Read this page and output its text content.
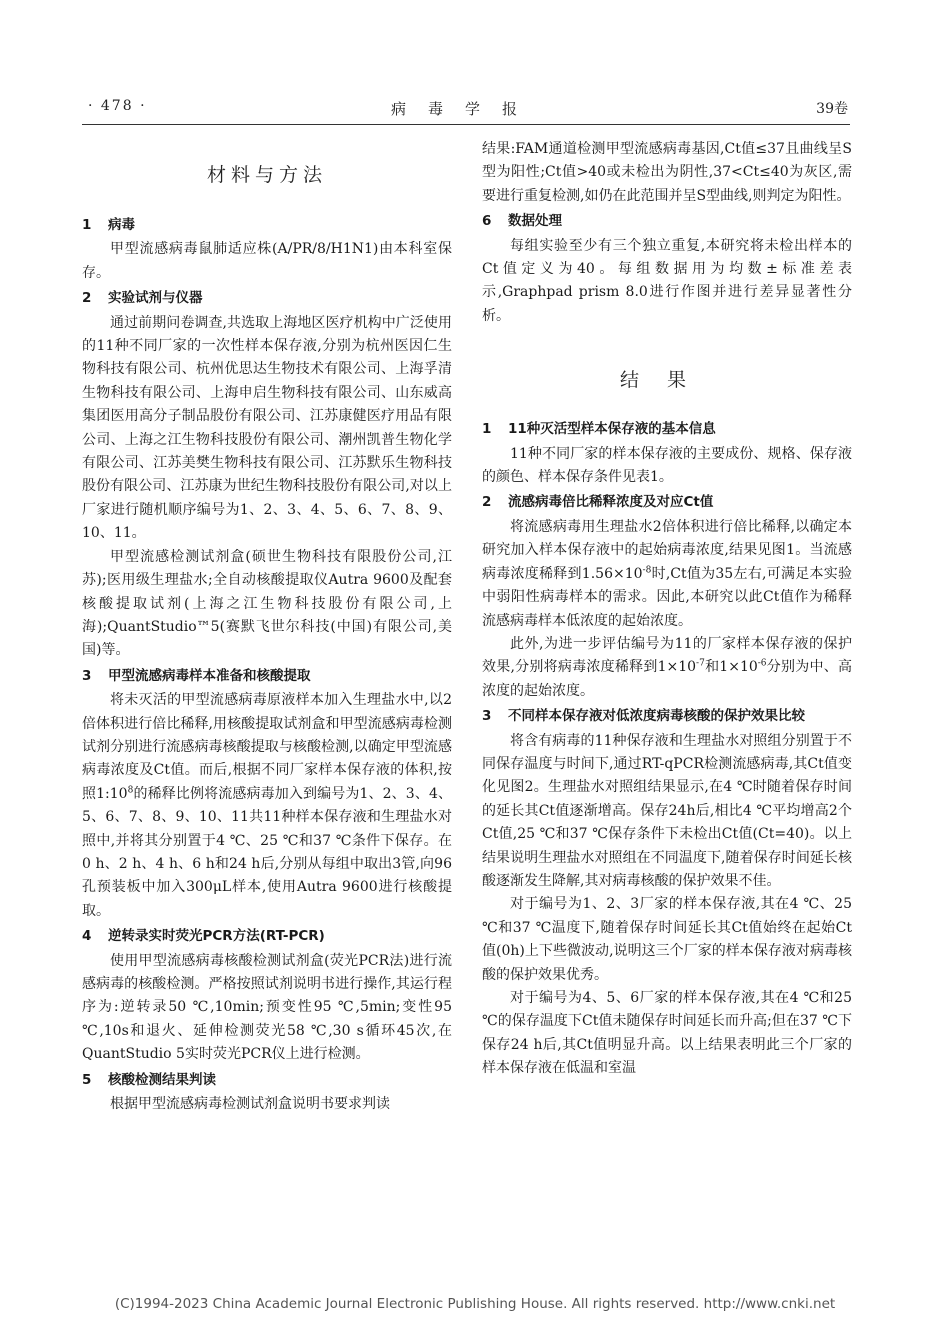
· 478 ·	病毒学报	39卷
材料与方法
1 病毒

甲型流感病毒鼠肺适应株(A/PR/8/H1N1)由本科室保存。

2 实验试剂与仪器

通过前期问卷调查,共选取上海地区医疗机构中广泛使用的11种不同厂家的一次性样本保存液,分别为杭州医因仁生物科技有限公司、杭州优思达生物技术有限公司、上海孚清生物科技有限公司、上海申启生物科技有限公司、山东威高集团医用高分子制品股份有限公司、江苏康健医疗用品有限公司、上海之江生物科技股份有限公司、潮州凯普生物化学有限公司、江苏美樊生物科技有限公司、江苏默乐生物科技股份有限公司、江苏康为世纪生物科技股份有限公司,对以上厂家进行随机顺序编号为1、2、3、4、5、6、7、8、9、10、11。

甲型流感检测试剂盒(硕世生物科技有限股份公司,江苏);医用级生理盐水;全自动核酸提取仪Autra 9600及配套核酸提取试剂(上海之江生物科技股份有限公司,上海);QuantStudio™5(赛默飞世尔科技(中国)有限公司,美国)等。

3 甲型流感病毒样本准备和核酸提取

将未灭活的甲型流感病毒原液样本加入生理盐水中,以2倍体积进行倍比稀释,用核酸提取试剂盒和甲型流感病毒检测试剂分别进行流感病毒核酸提取与核酸检测,以确定甲型流感病毒浓度及Ct值。而后,根据不同厂家样本保存液的体积,按照$1:10^8$的稀释比例将流感病毒加入到编号为1、2、3、4、5、6、7、8、9、10、11共11种样本保存液和生理盐水对照中,并将其分别置于4 ℃、25 ℃和37 ℃条件下保存。在0 h、2 h、4 h、6 h和24 h后,分别从每组中取出3管,向96孔预装板中加入300μL样本,使用Autra 9600进行核酸提取。

4 逆转录实时荧光PCR方法(RT-PCR)

使用甲型流感病毒核酸检测试剂盒(荧光PCR法)进行流感病毒的核酸检测。严格按照试剂说明书进行操作,其运行程序为:逆转录50 ℃,10min;预变性95 ℃,5min;变性95 ℃,10s和退火、延伸检测荧光58 ℃,30 s循环45次,在QuantStudio 5实时荧光PCR仪上进行检测。

5 核酸检测结果判读

根据甲型流感病毒检测试剂盒说明书要求判读

结果:FAM通道检测甲型流感病毒基因,Ct值≤37且曲线呈S型为阳性;Ct值>40或未检出为阴性,37<Ct≤40为灰区,需要进行重复检测,如仍在此范围并呈S型曲线,则判定为阳性。

6 数据处理

每组实验至少有三个独立重复,本研究将未检出样本的Ct值定义为40。每组数据用为均数±标准差表示,Graphpad prism 8.0进行作图并进行差异显著性分析。

结果
1 11种灭活型样本保存液的基本信息

11种不同厂家的样本保存液的主要成份、规格、保存液的颜色、样本保存条件见表1。

2 流感病毒倍比稀释浓度及对应Ct值

将流感病毒用生理盐水2倍体积进行倍比稀释,以确定本研究加入样本保存液中的起始病毒浓度,结果见图1。当流感病毒浓度稀释到$1.56\times 10^{-8}$时,Ct值为35左右,可满足本实验中弱阳性病毒样本的需求。因此,本研究以此Ct值作为稀释流感病毒样本低浓度的起始浓度。

此外,为进一步评估编号为11的厂家样本保存液的保护效果,分别将病毒浓度稀释到$1\times 10^{-7}$和$1\times 10^{-6}$分别为中、高浓度的起始浓度。

3 不同样本保存液对低浓度病毒核酸的保护效果比较

将含有病毒的11种保存液和生理盐水对照组分别置于不同保存温度与时间下,通过RT-qPCR检测流感病毒,其Ct值变化见图2。生理盐水对照组结果显示,在4 ℃时随着保存时间的延长其Ct值逐渐增高。保存24h后,相比4 ℃平均增高2个Ct值,25 ℃和37 ℃保存条件下未检出Ct值(Ct=40)。以上结果说明生理盐水对照组在不同温度下,随着保存时间延长核酸逐渐发生降解,其对病毒核酸的保护效果不佳。

对于编号为1、2、3厂家的样本保存液,其在4 ℃、25 ℃和37 ℃温度下,随着保存时间延长其Ct值始终在起始Ct值(0h)上下些微波动,说明这三个厂家的样本保存液对病毒核酸的保护效果优秀。

对于编号为4、5、6厂家的样本保存液,其在4 ℃和25 ℃的保存温度下Ct值未随保存时间延长而升高;但在37 ℃下保存24 h后,其Ct值明显升高。以上结果表明此三个厂家的样本保存液在低温和室温

(C)1994-2023 China Academic Journal Electronic Publishing House. All rights reserved. http://www.cnki.net
